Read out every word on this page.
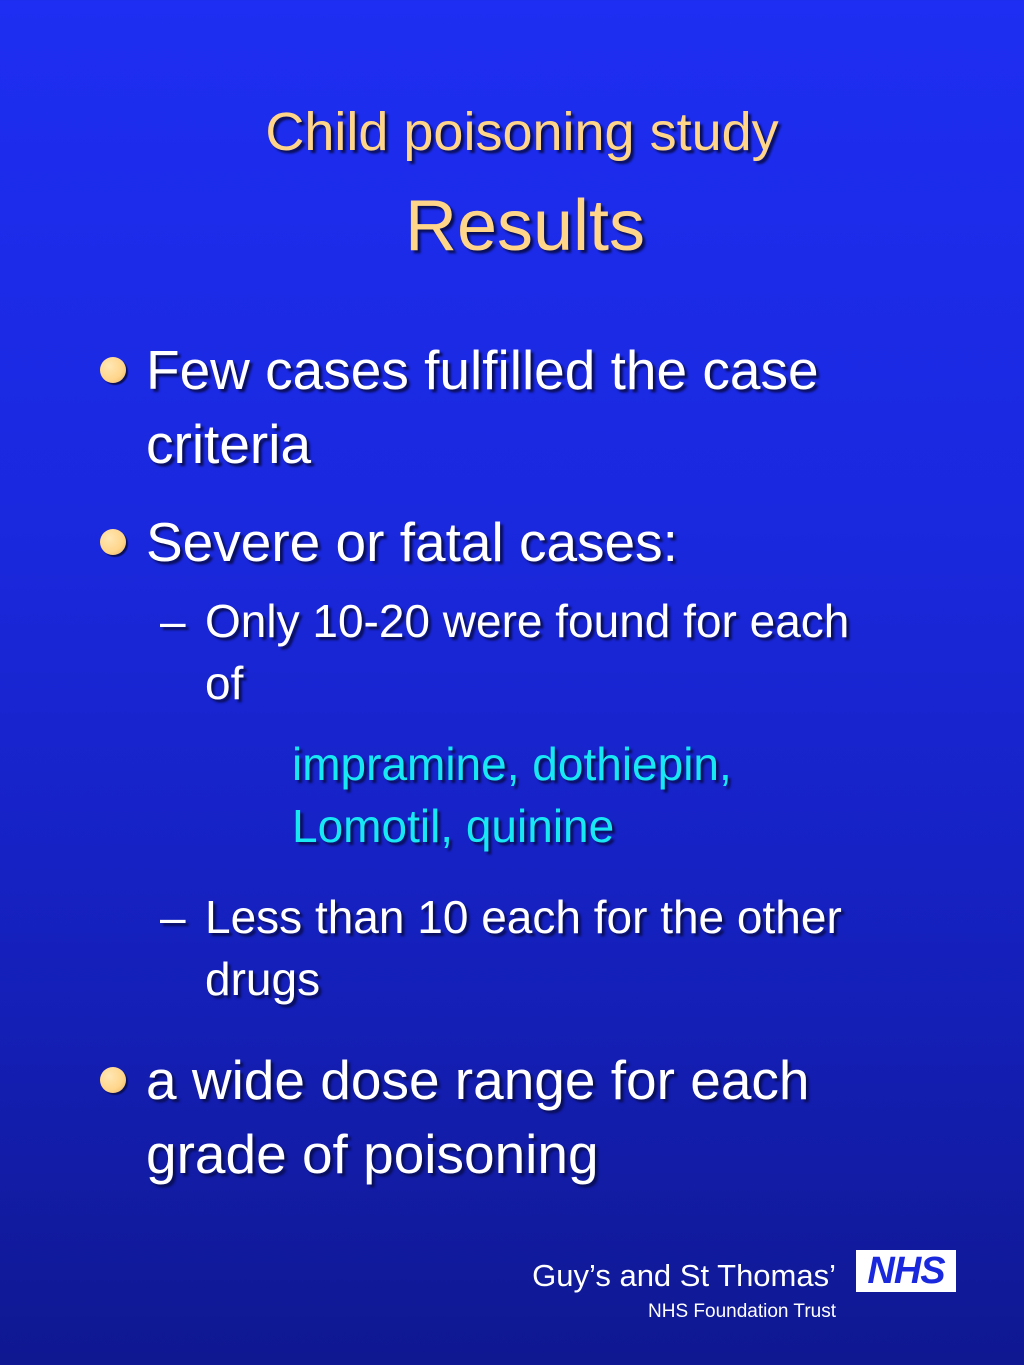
Child poisoning study
Results
Few cases fulfilled the case criteria
Severe or fatal cases:
– Only 10-20 were found for each of
impramine, dothiepin,
Lomotil, quinine
– Less than 10 each for the other drugs
a wide dose range for each grade of poisoning
Guy’s and St Thomas’
NHS Foundation Trust
NHS
